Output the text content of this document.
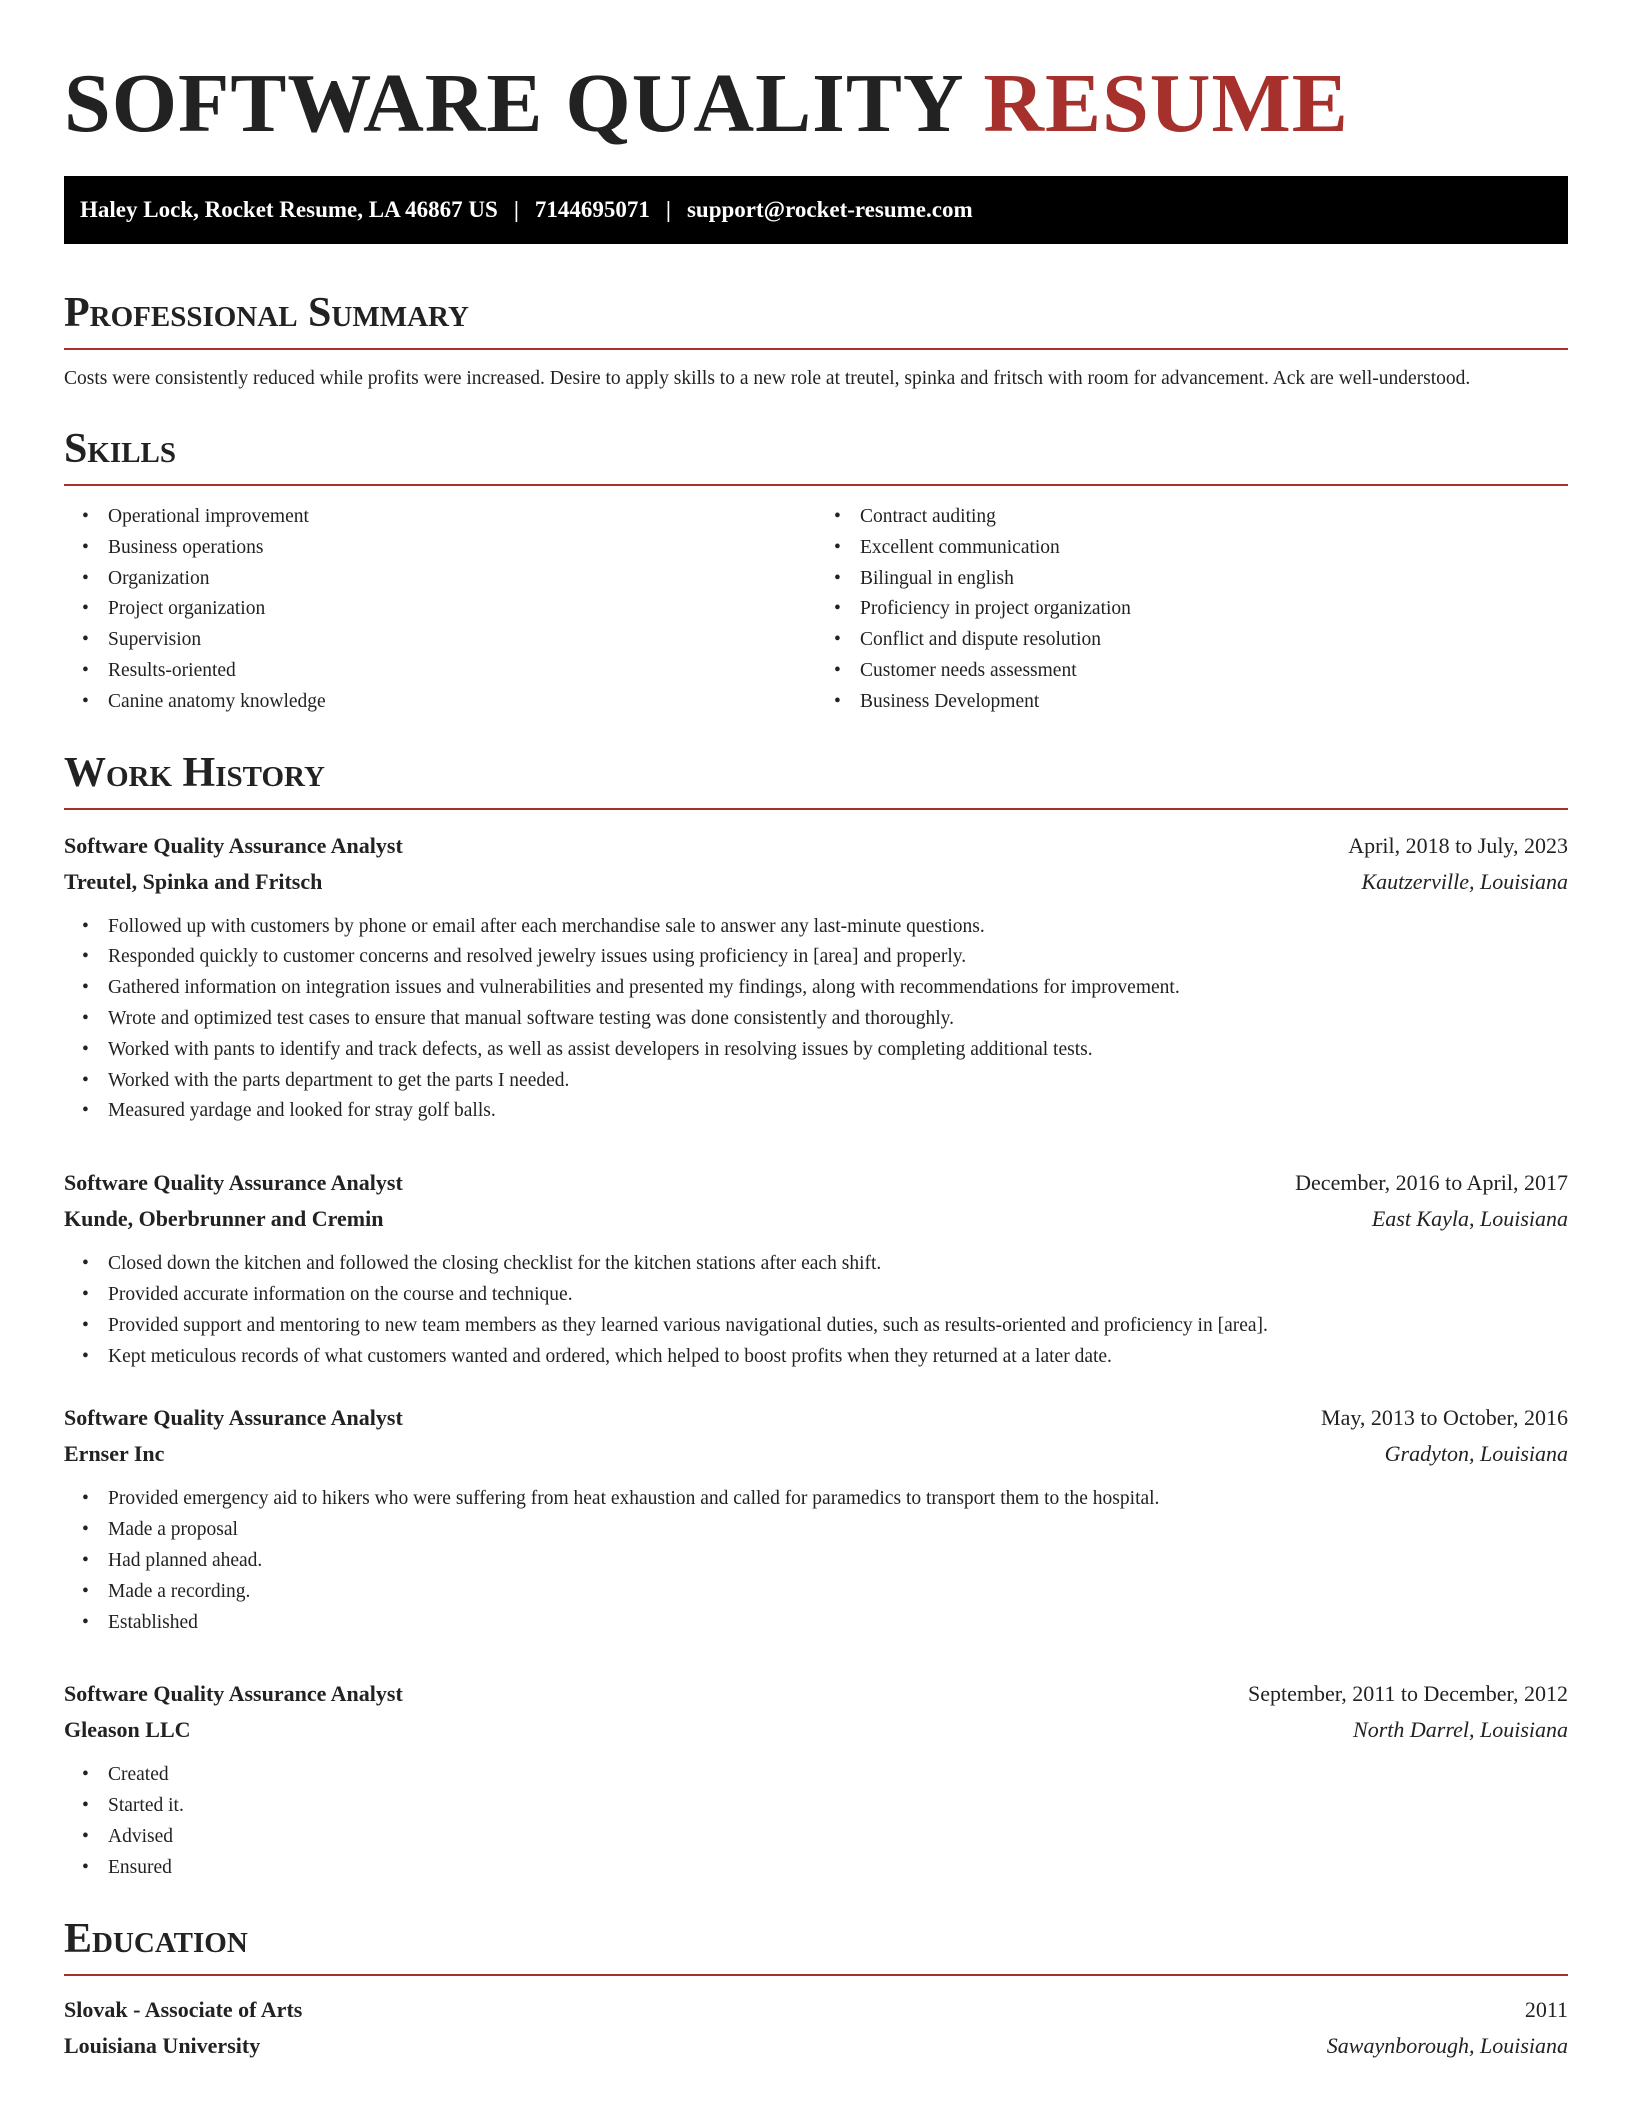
SOFTWARE QUALITY RESUME
Haley Lock, Rocket Resume, LA 46867 US | 7144695071 | support@rocket-resume.com
Professional Summary
Costs were consistently reduced while profits were increased. Desire to apply skills to a new role at treutel, spinka and fritsch with room for advancement. Ack are well-understood.
Skills
• Operational improvement
• Business operations
• Organization
• Project organization
• Supervision
• Results-oriented
• Canine anatomy knowledge
• Contract auditing
• Excellent communication
• Bilingual in english
• Proficiency in project organization
• Conflict and dispute resolution
• Customer needs assessment
• Business Development
Work History
Software Quality Assurance Analyst	April, 2018 to July, 2023
Treutel, Spinka and Fritsch	Kautzerville, Louisiana
• Followed up with customers by phone or email after each merchandise sale to answer any last-minute questions.
• Responded quickly to customer concerns and resolved jewelry issues using proficiency in [area] and properly.
• Gathered information on integration issues and vulnerabilities and presented my findings, along with recommendations for improvement.
• Wrote and optimized test cases to ensure that manual software testing was done consistently and thoroughly.
• Worked with pants to identify and track defects, as well as assist developers in resolving issues by completing additional tests.
• Worked with the parts department to get the parts I needed.
• Measured yardage and looked for stray golf balls.
Software Quality Assurance Analyst	December, 2016 to April, 2017
Kunde, Oberbrunner and Cremin	East Kayla, Louisiana
• Closed down the kitchen and followed the closing checklist for the kitchen stations after each shift.
• Provided accurate information on the course and technique.
• Provided support and mentoring to new team members as they learned various navigational duties, such as results-oriented and proficiency in [area].
• Kept meticulous records of what customers wanted and ordered, which helped to boost profits when they returned at a later date.
Software Quality Assurance Analyst	May, 2013 to October, 2016
Ernser Inc	Gradyton, Louisiana
• Provided emergency aid to hikers who were suffering from heat exhaustion and called for paramedics to transport them to the hospital.
• Made a proposal
• Had planned ahead.
• Made a recording.
• Established
Software Quality Assurance Analyst	September, 2011 to December, 2012
Gleason LLC	North Darrel, Louisiana
• Created
• Started it.
• Advised
• Ensured
Education
Slovak - Associate of Arts	2011
Louisiana University	Sawaynborough, Louisiana
